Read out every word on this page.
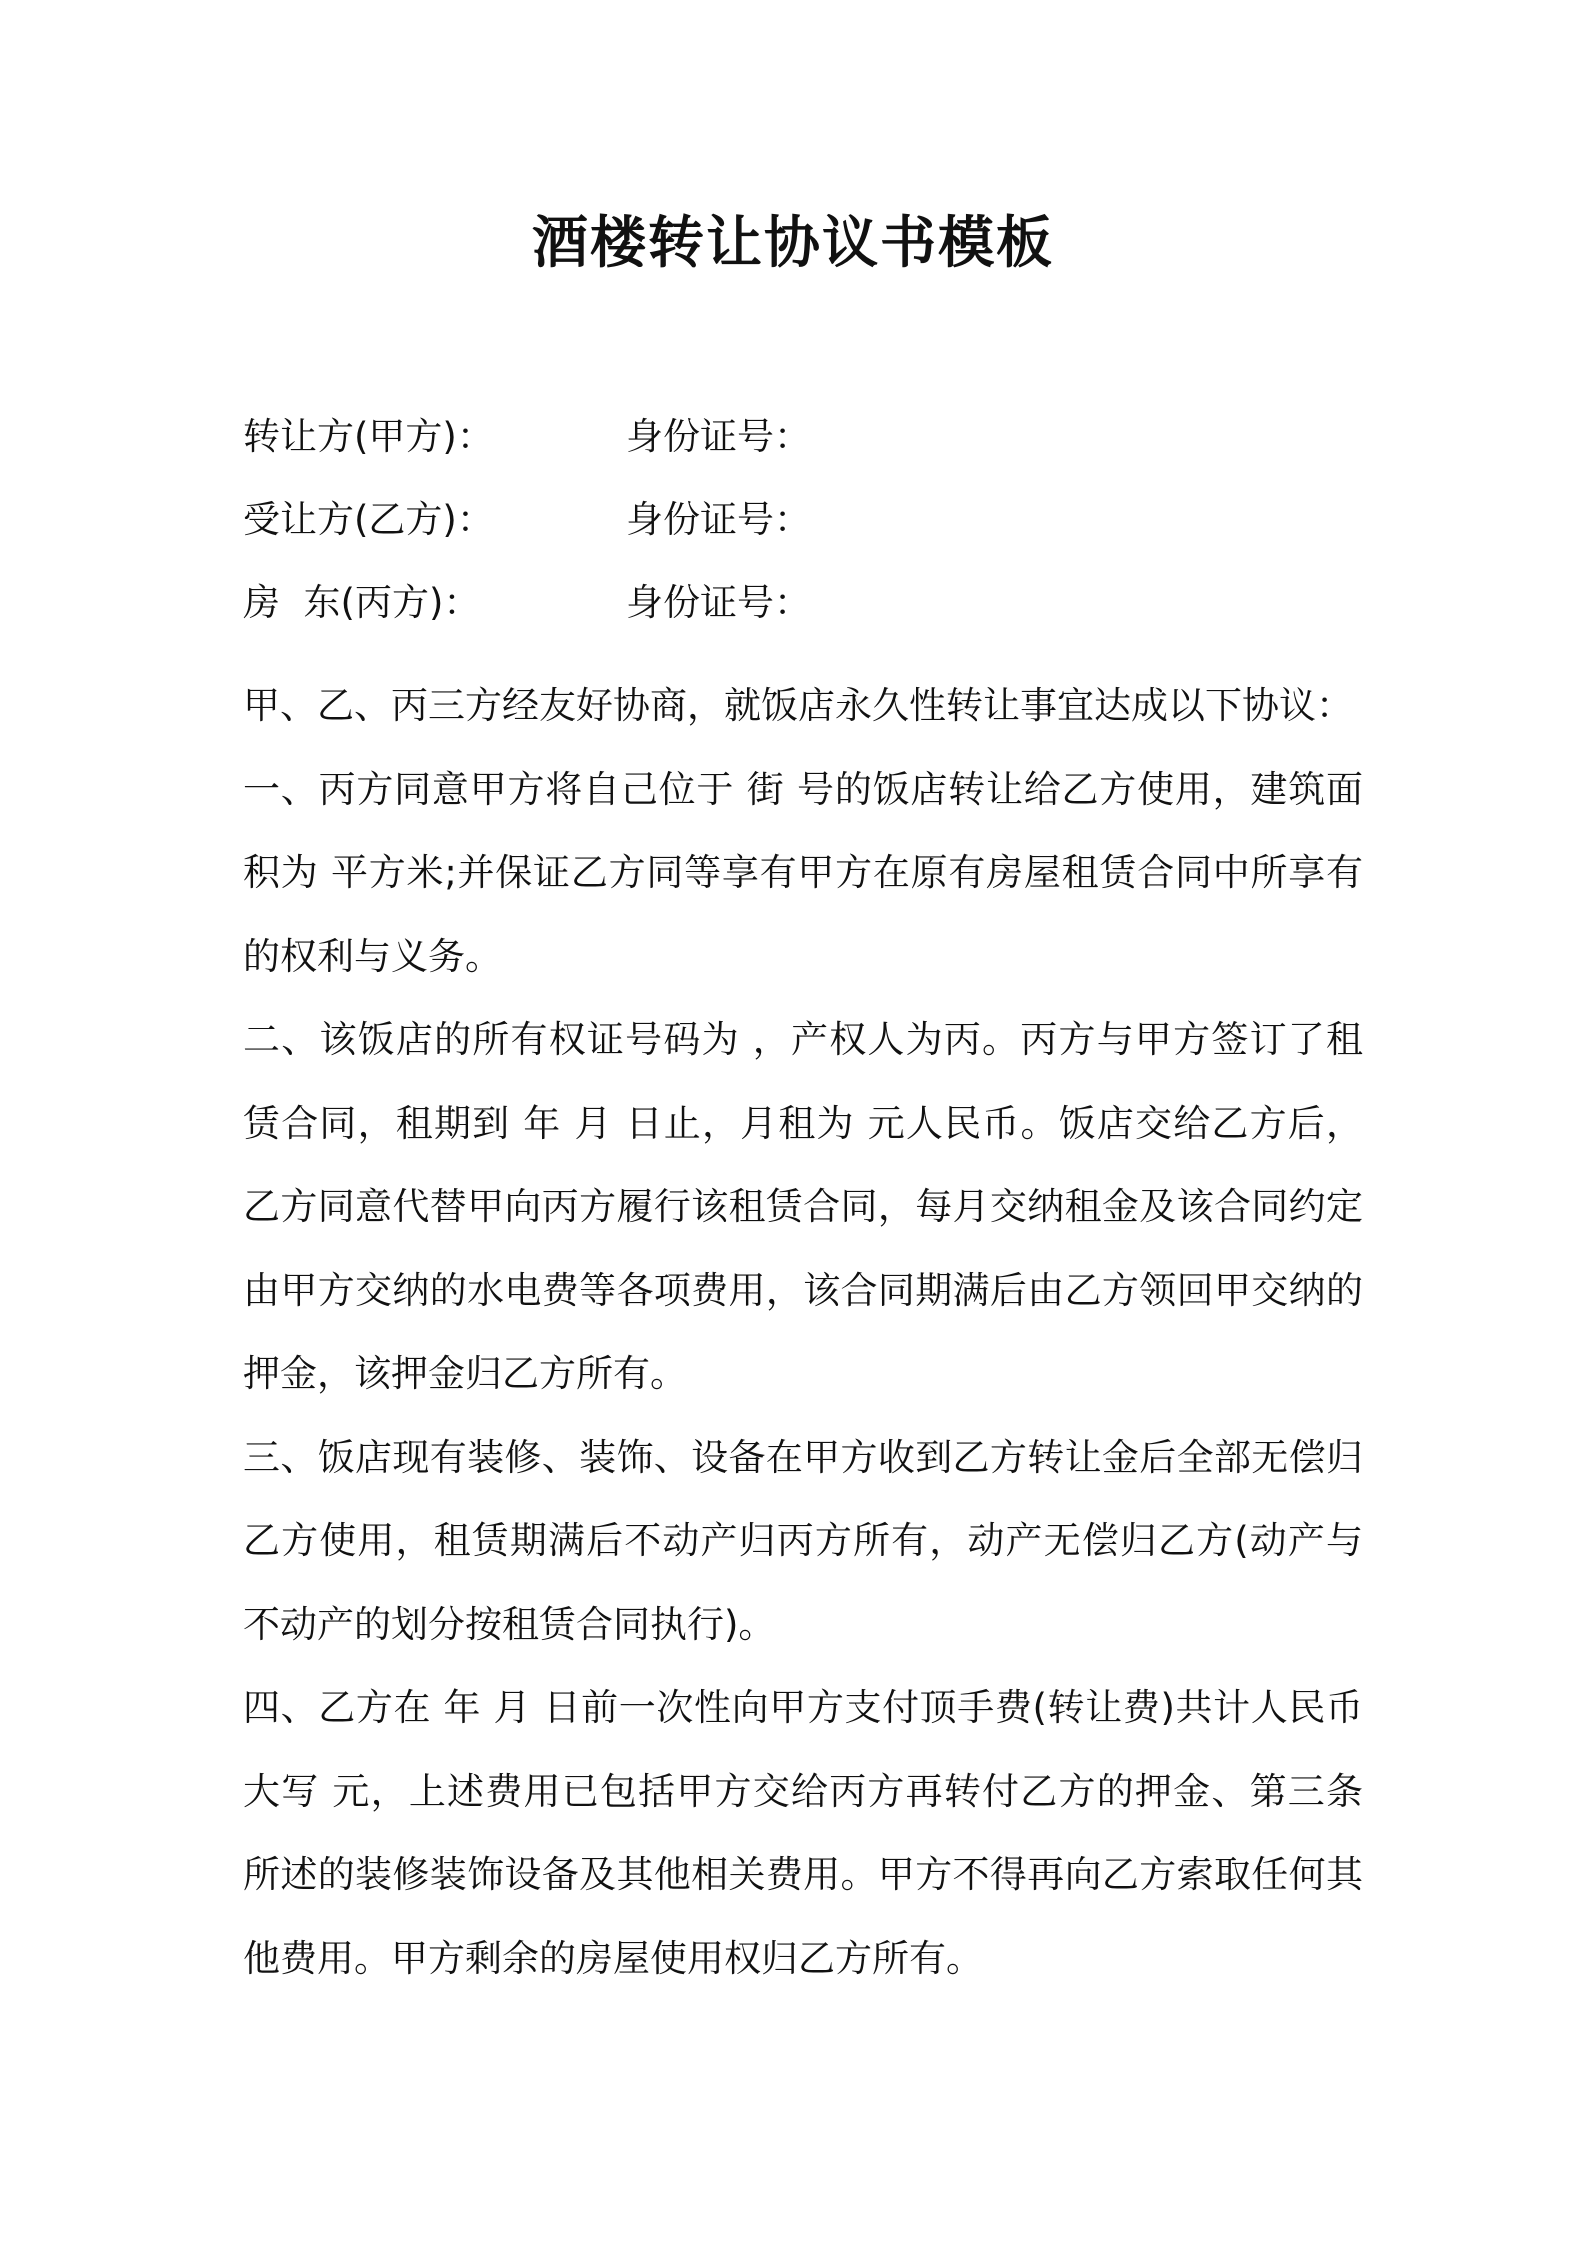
酒楼转让协议书模板
转让方(甲方)：	身份证号：
受让方(乙方)：	身份证号：
房  东(丙方)：	身份证号：

甲、乙、丙三方经友好协商，就饭店永久性转让事宜达成以下协议：

一、丙方同意甲方将自己位于 街 号的饭店转让给乙方使用，建筑面积为 平方米;并保证乙方同等享有甲方在原有房屋租赁合同中所享有的权利与义务。

二、该饭店的所有权证号码为 ，产权人为丙。丙方与甲方签订了租赁合同，租期到 年 月 日止，月租为 元人民币。饭店交给乙方后，乙方同意代替甲向丙方履行该租赁合同，每月交纳租金及该合同约定由甲方交纳的水电费等各项费用，该合同期满后由乙方领回甲交纳的押金，该押金归乙方所有。

三、饭店现有装修、装饰、设备在甲方收到乙方转让金后全部无偿归乙方使用，租赁期满后不动产归丙方所有，动产无偿归乙方(动产与不动产的划分按租赁合同执行)。

四、乙方在 年 月 日前一次性向甲方支付顶手费(转让费)共计人民币大写 元，上述费用已包括甲方交给丙方再转付乙方的押金、第三条所述的装修装饰设备及其他相关费用。甲方不得再向乙方索取任何其他费用。甲方剩余的房屋使用权归乙方所有。
